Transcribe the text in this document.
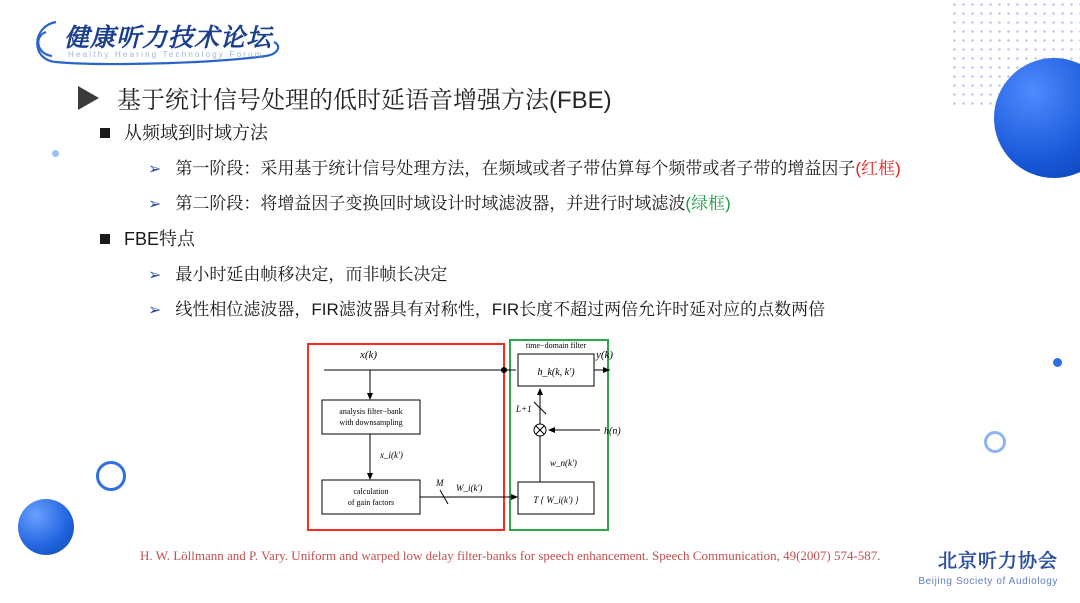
健康听力技术论坛
Healthy Hearing Technology Forum
基于统计信号处理的低时延语音增强方法(FBE)
从频域到时域方法
➢ 第一阶段：采用基于统计信号处理方法，在频域或者子带估算每个频带或者子带的增益因子(红框)
➢ 第二阶段：将增益因子变换回时域设计时域滤波器，并进行时域滤波(绿框)
FBE特点
➢ 最小时延由帧移决定，而非帧长决定
➢ 线性相位滤波器，FIR滤波器具有对称性，FIR长度不超过两倍允许时延对应的点数两倍
analysis filter−bank
with downsampling
x_i(k')
calculation
of gain factors
M W_i(k')
h_k(k, k')
time−domain filter
T { W_i(k') }
L+1
w_n(k')
h(n)
x(k)	y(k)
H. W. Löllmann and P. Vary. Uniform and warped low delay filter-banks for speech enhancement. Speech Communication, 49(2007) 574-587.	北京听力协会
Beijing Society of Audiology
